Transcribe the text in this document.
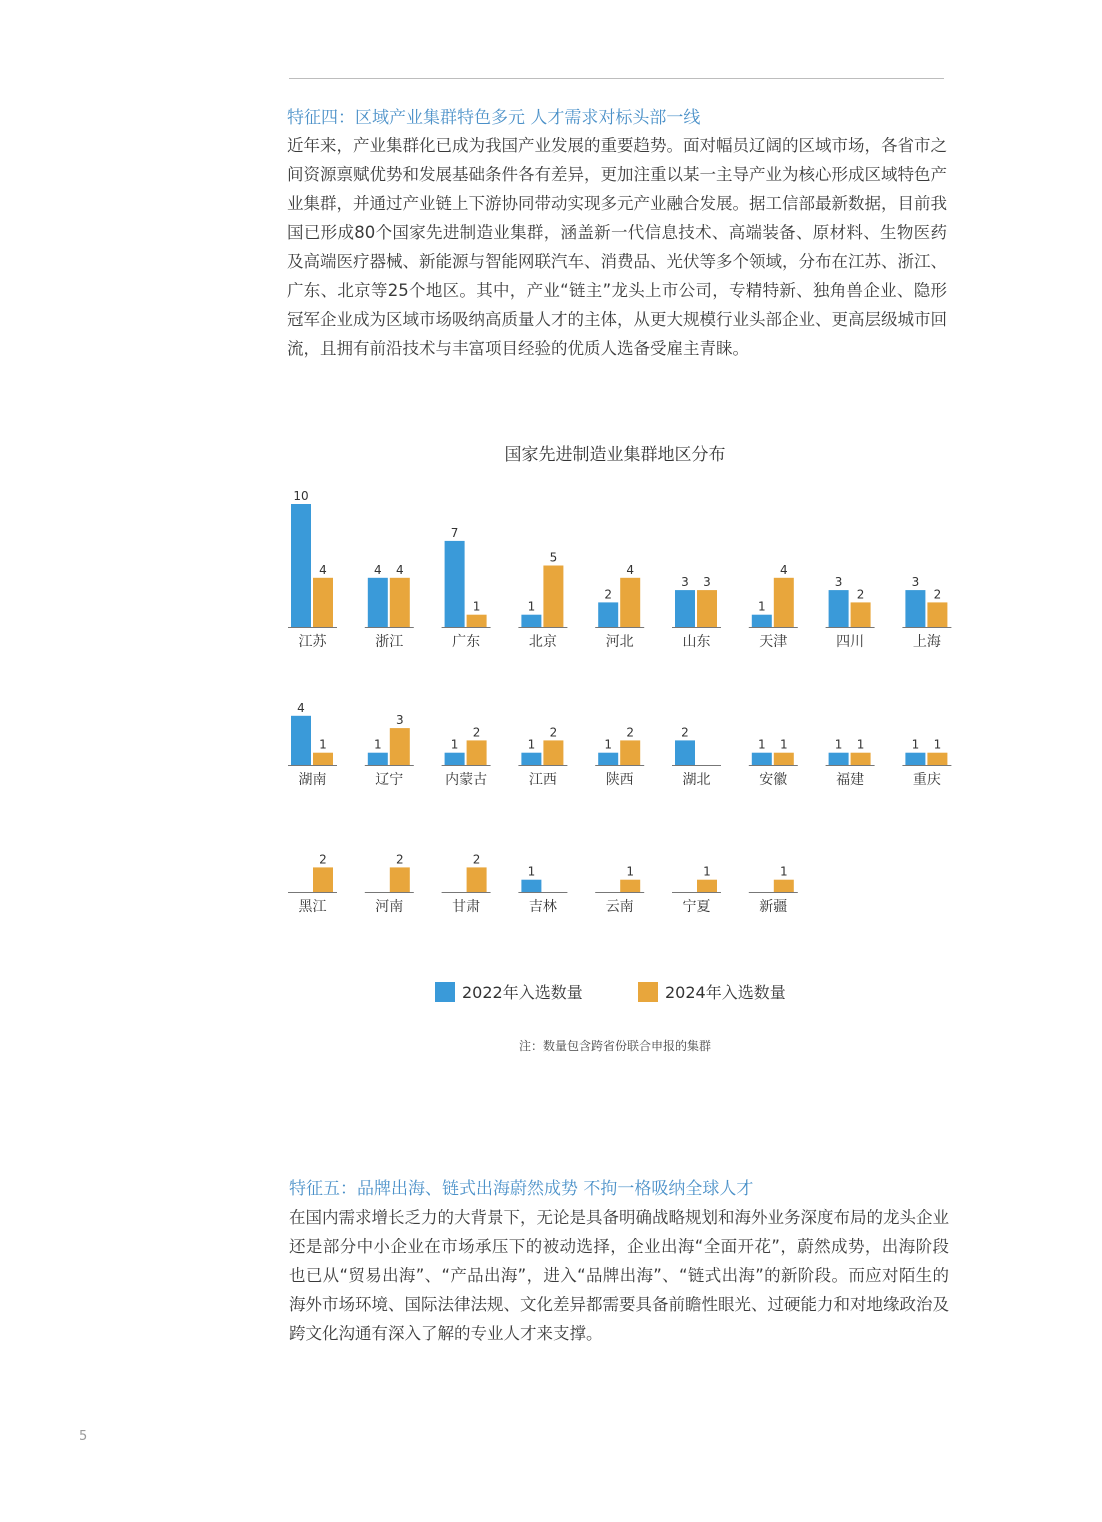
特征四：区域产业集群特色多元 人才需求对标头部一线
近年来，产业集群化已成为我国产业发展的重要趋势。面对幅员辽阔的区域市场，各省市之间资源禀赋优势和发展基础条件各有差异，更加注重以某一主导产业为核心形成区域特色产业集群，并通过产业链上下游协同带动实现多元产业融合发展。据工信部最新数据，目前我国已形成80个国家先进制造业集群，涵盖新一代信息技术、高端装备、原材料、生物医药及高端医疗器械、新能源与智能网联汽车、消费品、光伏等多个领域，分布在江苏、浙江、广东、北京等25个地区。其中，产业“链主”龙头上市公司，专精特新、独角兽企业、隐形冠军企业成为区域市场吸纳高质量人才的主体，从更大规模行业头部企业、更高层级城市回流，且拥有前沿技术与丰富项目经验的优质人选备受雇主青睐。
国家先进制造业集群地区分布
10
4
江苏
4 4
浙江
7
1
广东
1
5
北京
2
4
河北
3 3
山东
1
4
天津
3
2
四川
3
2
上海
4
1
湖南
1
3
辽宁
1
2
内蒙古
1
2
江西
1
2
陕西
2
湖北
1 1
安徽
1 1
福建
1 1
重庆
2
黑江
2
河南
2
甘肃
1
吉林
1
云南
1
宁夏
1
新疆
2022年入选数量	2024年入选数量
注：数量包含跨省份联合申报的集群
特征五：品牌出海、链式出海蔚然成势 不拘一格吸纳全球人才
在国内需求增长乏力的大背景下，无论是具备明确战略规划和海外业务深度布局的龙头企业还是部分中小企业在市场承压下的被动选择，企业出海“全面开花”，蔚然成势，出海阶段也已从“贸易出海”、“产品出海”，进入“品牌出海”、“链式出海”的新阶段。而应对陌生的海外市场环境、国际法律法规、文化差异都需要具备前瞻性眼光、过硬能力和对地缘政治及跨文化沟通有深入了解的专业人才来支撑。
5
